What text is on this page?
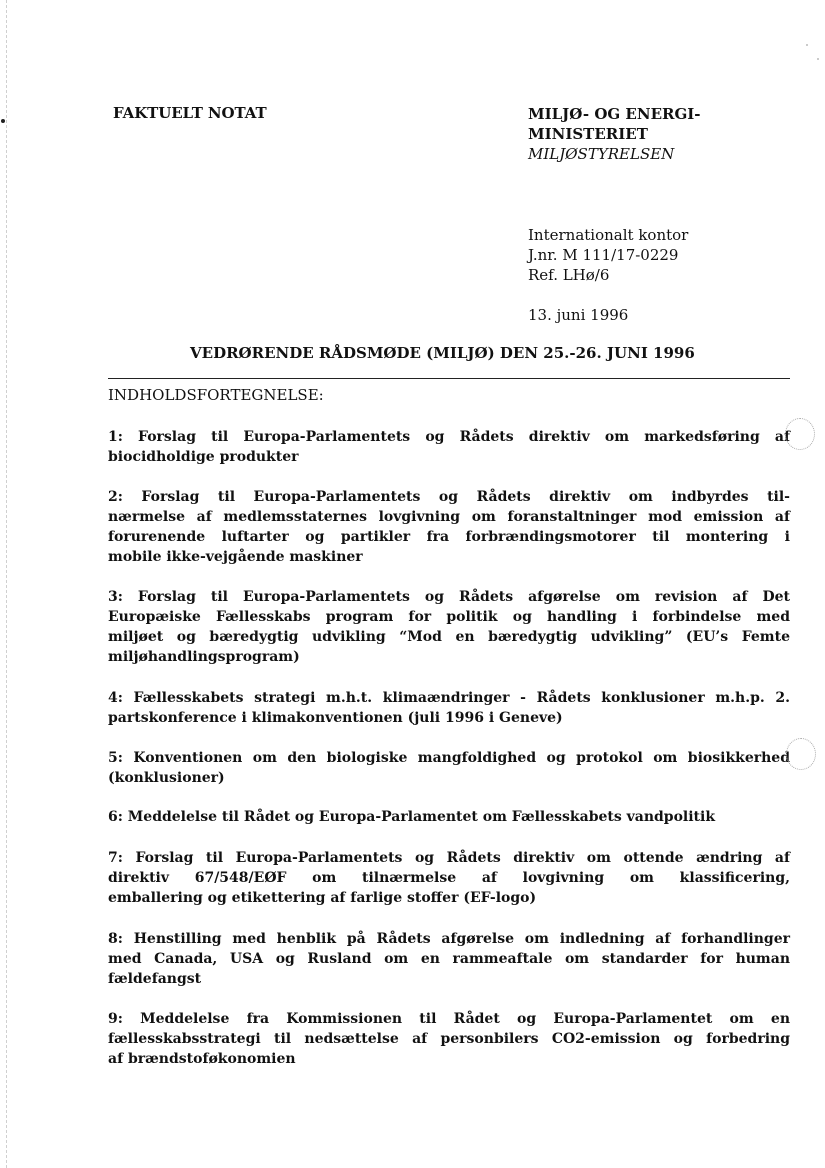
FAKTUELT NOTAT	MILJØ- OG ENERGI-
MINISTERIET
MILJØSTYRELSEN
Internationalt kontor
J.nr. M 111/17-0229
Ref. LHø/6
13. juni 1996
VEDRØRENDE RÅDSMØDE (MILJØ) DEN 25.-26. JUNI 1996
INDHOLDSFORTEGNELSE:
1: Forslag til Europa-Parlamentets og Rådets direktiv om markedsføring af
biocidholdige produkter
2: Forslag til Europa-Parlamentets og Rådets direktiv om indbyrdes til-
nærmelse af medlemsstaternes lovgivning om foranstaltninger mod emission af
forurenende luftarter og partikler fra forbrændingsmotorer til montering i
mobile ikke-vejgående maskiner
3: Forslag til Europa-Parlamentets og Rådets afgørelse om revision af Det
Europæiske Fællesskabs program for politik og handling i forbindelse med
miljøet og bæredygtig udvikling “Mod en bæredygtig udvikling” (EU’s Femte
miljøhandlingsprogram)
4: Fællesskabets strategi m.h.t. klimaændringer - Rådets konklusioner m.h.p. 2.
partskonference i klimakonventionen (juli 1996 i Geneve)
5: Konventionen om den biologiske mangfoldighed og protokol om biosikkerhed
(konklusioner)
6: Meddelelse til Rådet og Europa-Parlamentet om Fællesskabets vandpolitik
7: Forslag til Europa-Parlamentets og Rådets direktiv om ottende ændring af
direktiv 67/548/EØF om tilnærmelse af lovgivning om klassificering,
emballering og etikettering af farlige stoffer (EF-logo)
8: Henstilling med henblik på Rådets afgørelse om indledning af forhandlinger
med Canada, USA og Rusland om en rammeaftale om standarder for human
fældefangst
9: Meddelelse fra Kommissionen til Rådet og Europa-Parlamentet om en
fællesskabsstrategi til nedsættelse af personbilers CO2-emission og forbedring
af brændstoføkonomien
